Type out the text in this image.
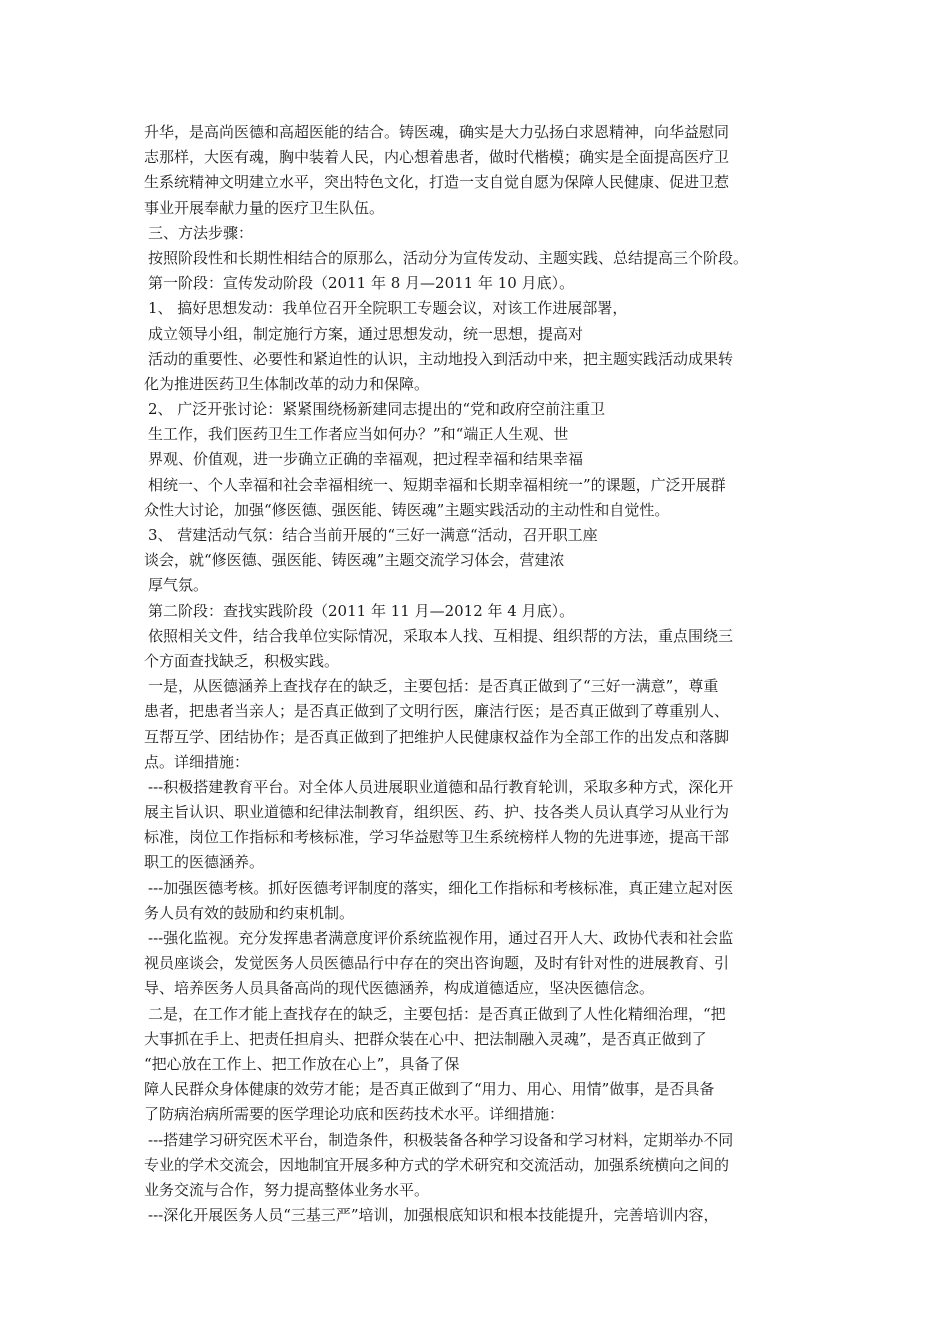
升华，是高尚医德和高超医能的结合。铸医魂，确实是大力弘扬白求恩精神，向华益慰同
志那样，大医有魂，胸中装着人民，内心想着患者，做时代楷模；确实是全面提高医疗卫
生系统精神文明建立水平，突出特色文化，打造一支自觉自愿为保障人民健康、促进卫惹
事业开展奉献力量的医疗卫生队伍。
三、方法步骤：
按照阶段性和长期性相结合的原那么，活动分为宣传发动、主题实践、总结提高三个阶段。
第一阶段：宣传发动阶段（2011 年 8 月—2011 年 10 月底）。
1、 搞好思想发动：我单位召开全院职工专题会议，对该工作进展部署，
成立领导小组，制定施行方案，通过思想发动，统一思想，提高对
活动的重要性、必要性和紧迫性的认识，主动地投入到活动中来，把主题实践活动成果转
化为推进医药卫生体制改革的动力和保障。
2、 广泛开张讨论：紧紧围绕杨新建同志提出的“党和政府空前注重卫
生工作，我们医药卫生工作者应当如何办？”和“端正人生观、世
界观、价值观，进一步确立正确的幸福观，把过程幸福和结果幸福
相统一、个人幸福和社会幸福相统一、短期幸福和长期幸福相统一”的课题，广泛开展群
众性大讨论，加强“修医德、强医能、铸医魂”主题实践活动的主动性和自觉性。
3、 营建活动气氛：结合当前开展的“三好一满意“活动，召开职工座
谈会，就“修医德、强医能、铸医魂”主题交流学习体会，营建浓
厚气氛。
第二阶段：查找实践阶段（2011 年 11 月—2012 年 4 月底）。
依照相关文件，结合我单位实际情况，采取本人找、互相提、组织帮的方法，重点围绕三
个方面查找缺乏，积极实践。
一是，从医德涵养上查找存在的缺乏，主要包括：是否真正做到了“三好一满意”，尊重
患者，把患者当亲人；是否真正做到了文明行医，廉洁行医；是否真正做到了尊重别人、
互帮互学、团结协作；是否真正做到了把维护人民健康权益作为全部工作的出发点和落脚
点。详细措施：
---积极搭建教育平台。对全体人员进展职业道德和品行教育轮训，采取多种方式，深化开
展主旨认识、职业道德和纪律法制教育，组织医、药、护、技各类人员认真学习从业行为
标准，岗位工作指标和考核标准，学习华益慰等卫生系统榜样人物的先进事迹，提高干部
职工的医德涵养。
---加强医德考核。抓好医德考评制度的落实，细化工作指标和考核标准，真正建立起对医
务人员有效的鼓励和约束机制。
---强化监视。充分发挥患者满意度评价系统监视作用，通过召开人大、政协代表和社会监
视员座谈会，发觉医务人员医德品行中存在的突出咨询题，及时有针对性的进展教育、引
导、培养医务人员具备高尚的现代医德涵养，构成道德适应，坚决医德信念。
二是，在工作才能上查找存在的缺乏，主要包括：是否真正做到了人性化精细治理，“把
大事抓在手上、把责任担肩头、把群众装在心中、把法制融入灵魂”，是否真正做到了
“把心放在工作上、把工作放在心上”，具备了保
障人民群众身体健康的效劳才能；是否真正做到了“用力、用心、用情”做事，是否具备
了防病治病所需要的医学理论功底和医药技术水平。详细措施：
---搭建学习研究医术平台，制造条件，积极装备各种学习设备和学习材料，定期举办不同
专业的学术交流会，因地制宜开展多种方式的学术研究和交流活动，加强系统横向之间的
业务交流与合作，努力提高整体业务水平。
---深化开展医务人员“三基三严”培训，加强根底知识和根本技能提升，完善培训内容，
